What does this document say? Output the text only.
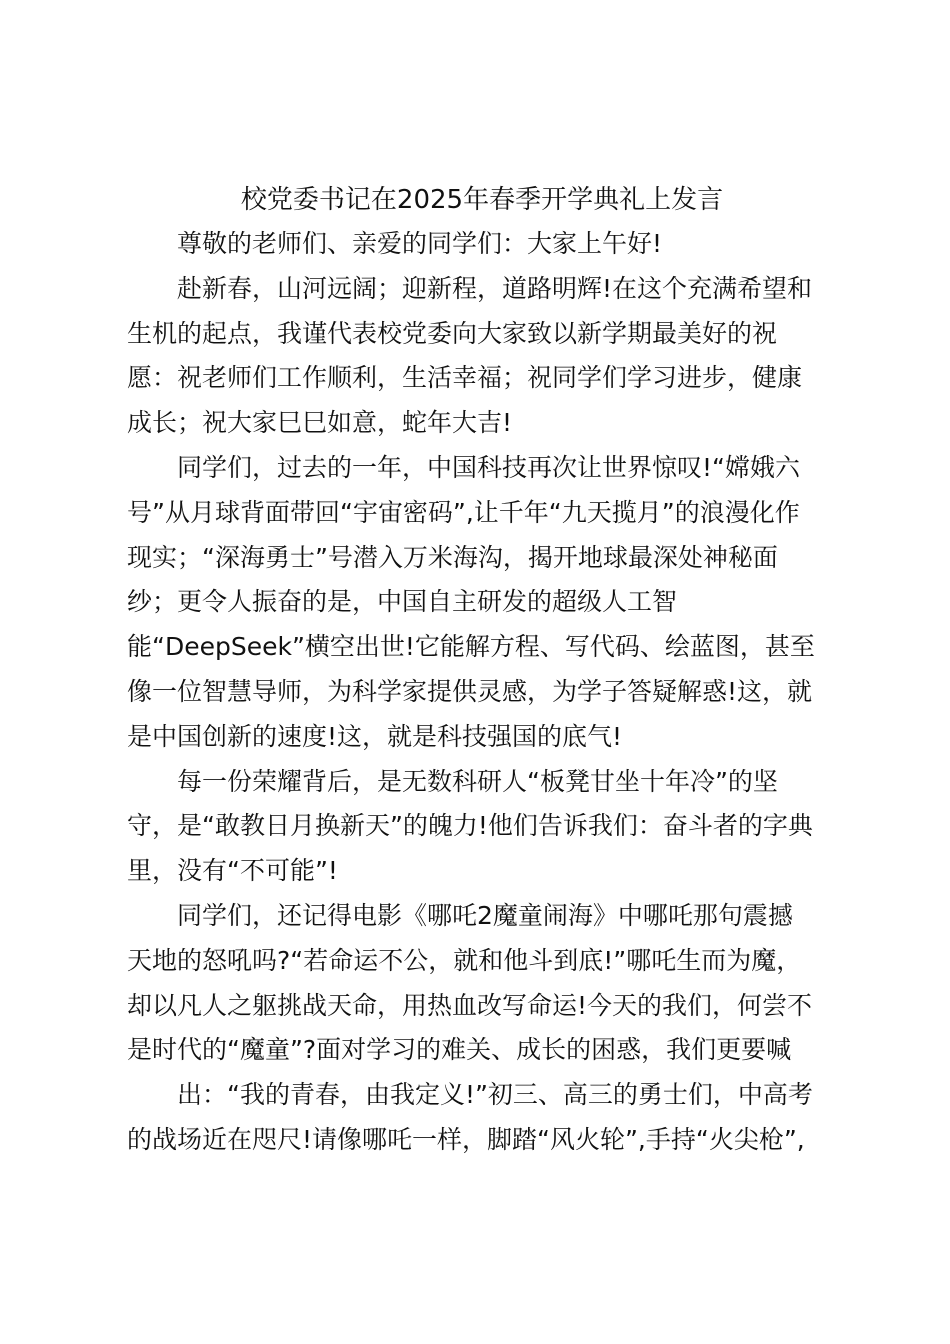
校党委书记在2025年春季开学典礼上发言
尊敬的老师们、亲爱的同学们：大家上午好!
赴新春，山河远阔；迎新程，道路明辉!在这个充满希望和
生机的起点，我谨代表校党委向大家致以新学期最美好的祝
愿：祝老师们工作顺利，生活幸福；祝同学们学习进步，健康
成长；祝大家巳巳如意，蛇年大吉!
同学们，过去的一年，中国科技再次让世界惊叹!“嫦娥六
号”从月球背面带回“宇宙密码”,让千年“九天揽月”的浪漫化作
现实；“深海勇士”号潜入万米海沟，揭开地球最深处神秘面
纱；更令人振奋的是，中国自主研发的超级人工智
能“DeepSeek”横空出世!它能解方程、写代码、绘蓝图，甚至
像一位智慧导师，为科学家提供灵感，为学子答疑解惑!这，就
是中国创新的速度!这，就是科技强国的底气!
每一份荣耀背后，是无数科研人“板凳甘坐十年冷”的坚
守，是“敢教日月换新天”的魄力!他们告诉我们：奋斗者的字典
里，没有“不可能”!
同学们，还记得电影《哪吒2魔童闹海》中哪吒那句震撼
天地的怒吼吗?“若命运不公，就和他斗到底!”哪吒生而为魔，
却以凡人之躯挑战天命，用热血改写命运!今天的我们，何尝不
是时代的“魔童”?面对学习的难关、成长的困惑，我们更要喊
出：“我的青春，由我定义!”初三、高三的勇士们，中高考
的战场近在咫尺!请像哪吒一样，脚踏“风火轮”,手持“火尖枪”,
